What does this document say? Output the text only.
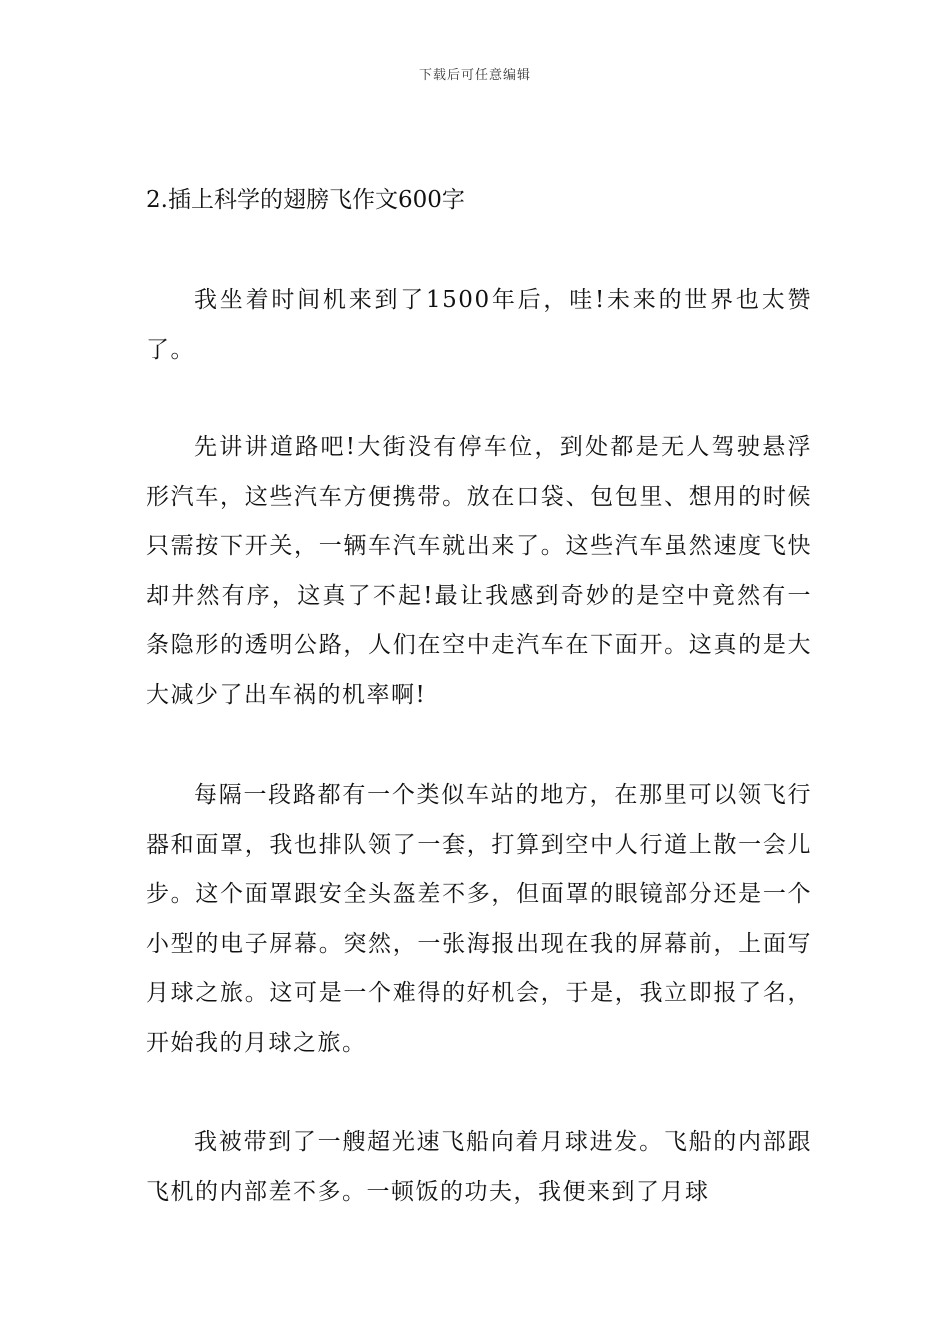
下载后可任意编辑
2.插上科学的翅膀飞作文600字

我坐着时间机来到了1500年后，哇!未来的世界也太赞了。

先讲讲道路吧!大街没有停车位，到处都是无人驾驶悬浮形汽车，这些汽车方便携带。放在口袋、包包里、想用的时候只需按下开关，一辆车汽车就出来了。这些汽车虽然速度飞快却井然有序，这真了不起!最让我感到奇妙的是空中竟然有一条隐形的透明公路，人们在空中走汽车在下面开。这真的是大大减少了出车祸的机率啊!

每隔一段路都有一个类似车站的地方，在那里可以领飞行器和面罩，我也排队领了一套，打算到空中人行道上散一会儿步。这个面罩跟安全头盔差不多，但面罩的眼镜部分还是一个小型的电子屏幕。突然，一张海报出现在我的屏幕前，上面写月球之旅。这可是一个难得的好机会，于是，我立即报了名，开始我的月球之旅。

我被带到了一艘超光速飞船向着月球进发。飞船的内部跟飞机的内部差不多。一顿饭的功夫，我便来到了月球
